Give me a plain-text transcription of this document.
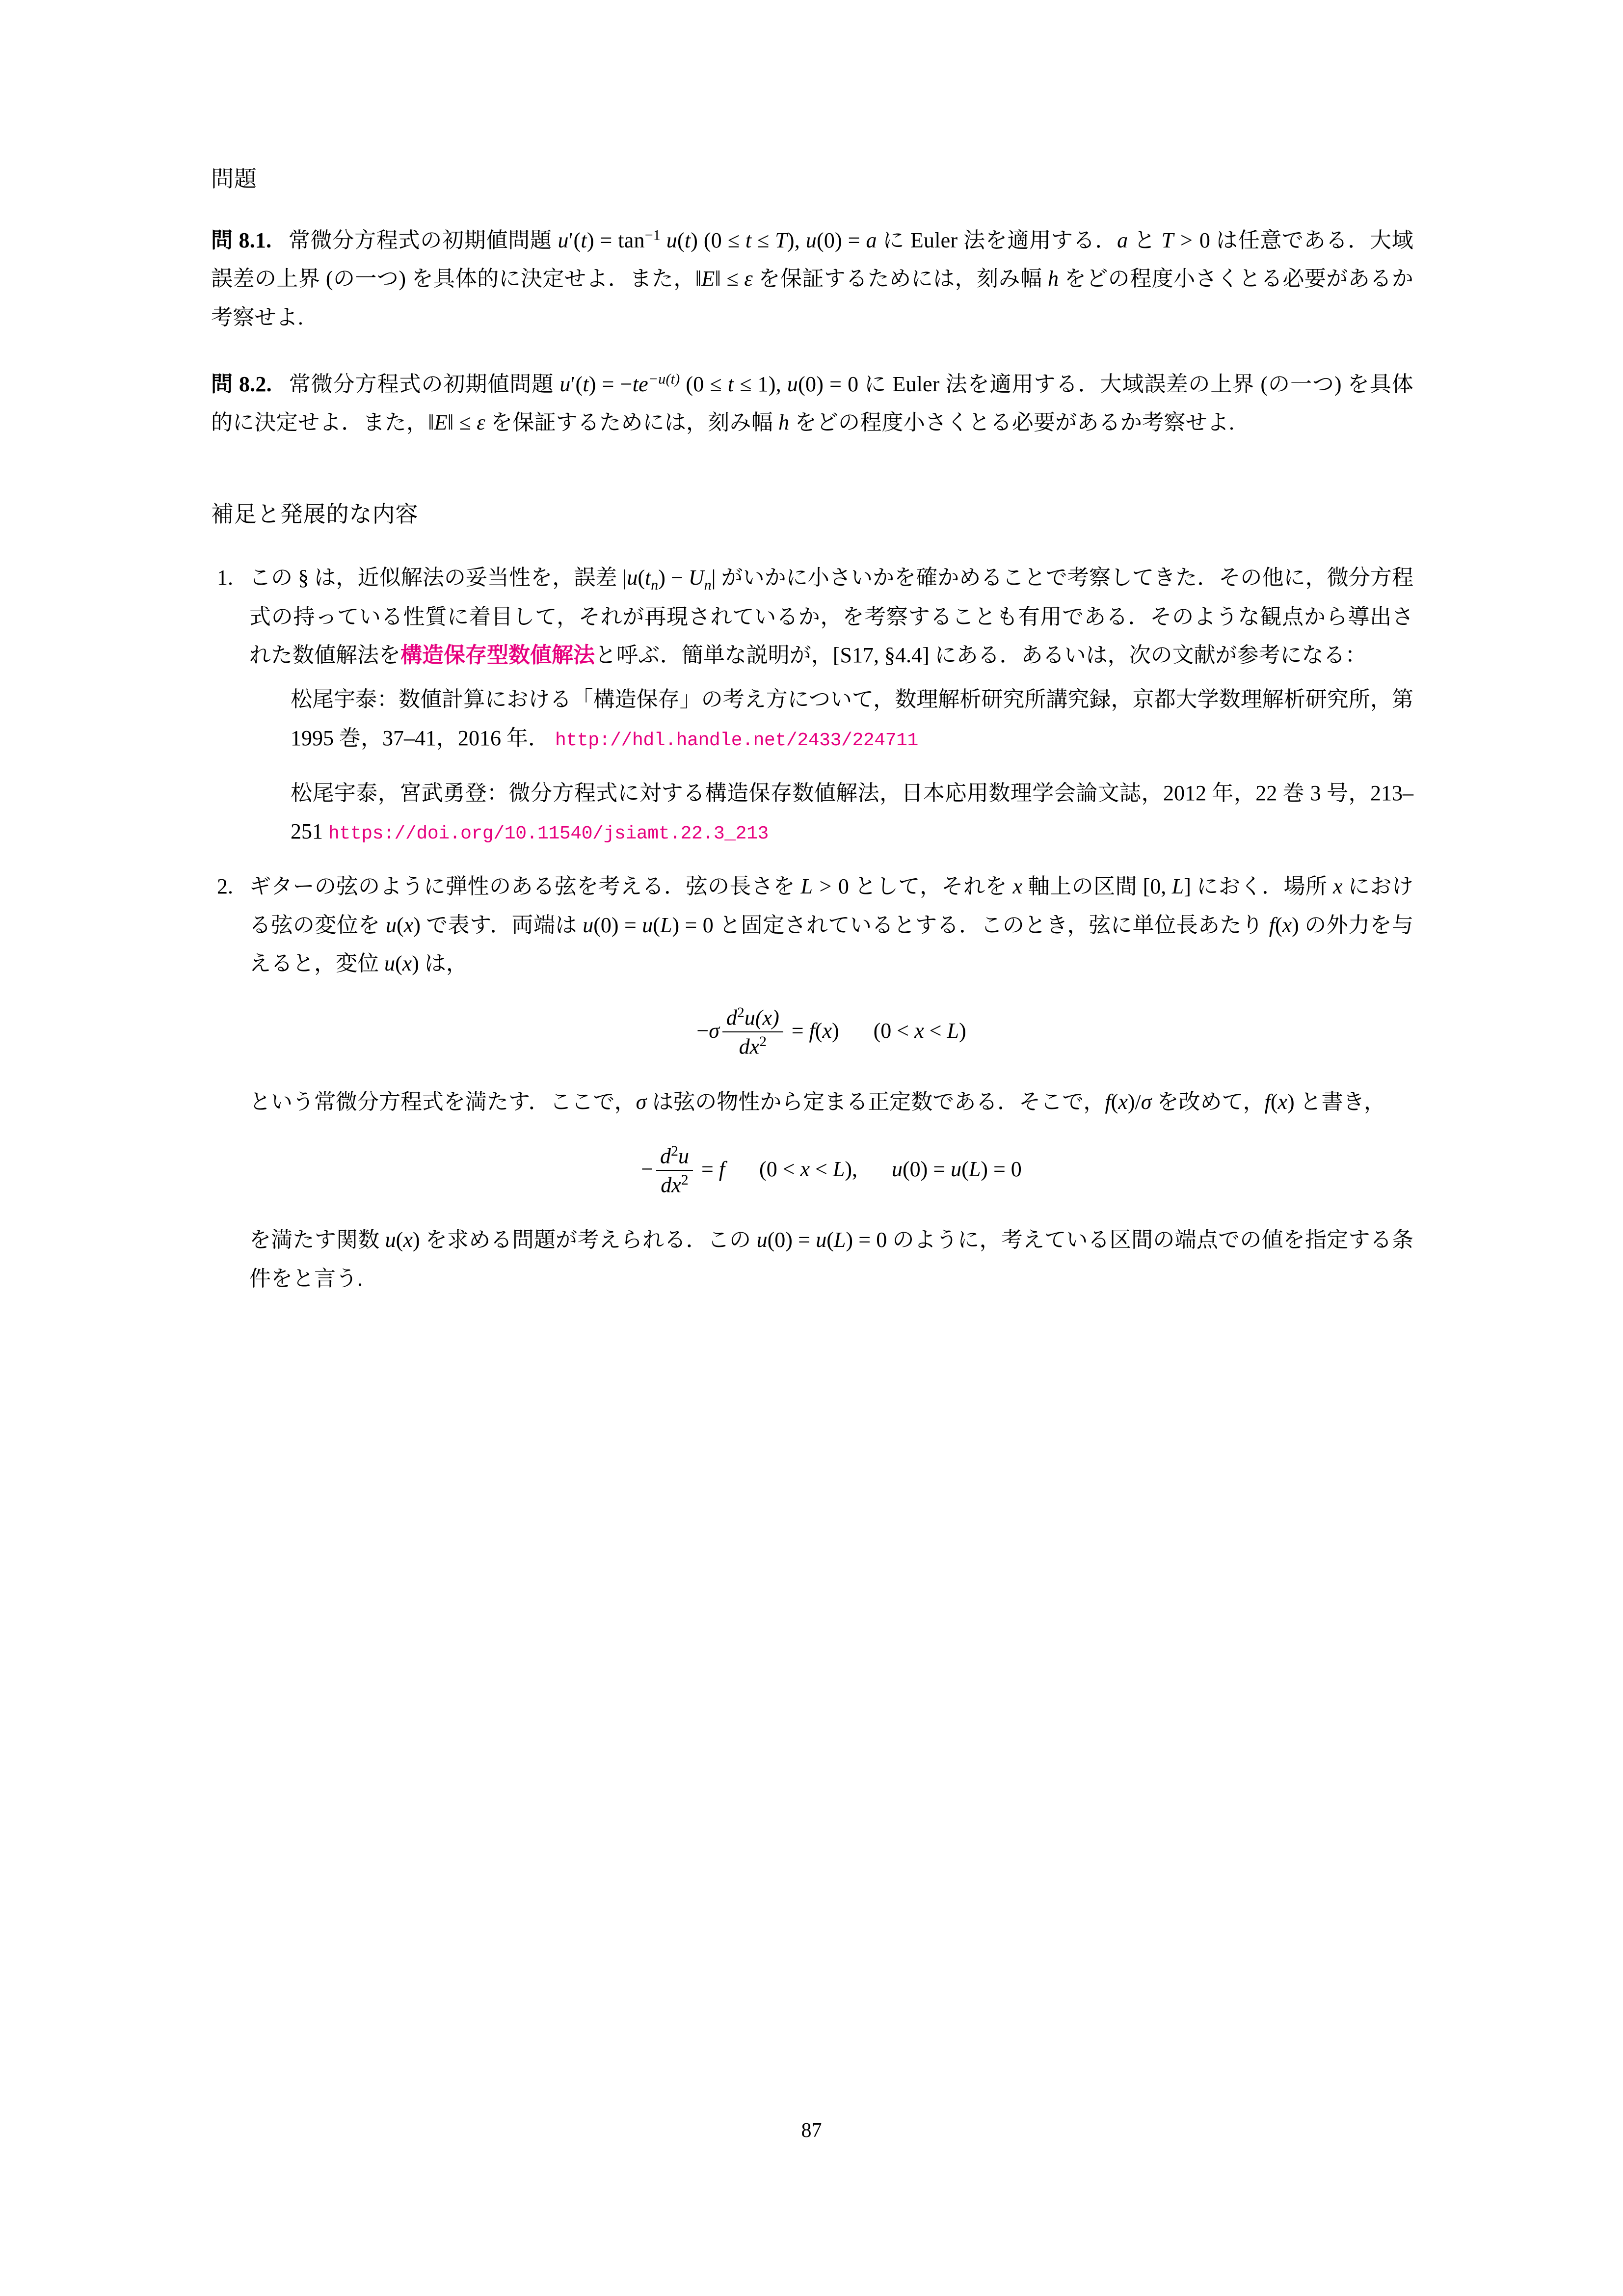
問題

問 8.1. 常微分方程式の初期値問題 $u'(t) = \tan^{-1} u(t) (0 \le t \le T)$, u(0) = a に Euler 法を適用する．a と T > 0 は任意である．大域誤差の上界 (の一つ) を具体的に決定せよ．また，‖E‖ ≤ ε を保証するためには，刻み幅 h をどの程度小さくとる必要があるか考察せよ.

問 8.2. 常微分方程式の初期値問題 $u'(t) = -te^{-u(t)}$ (0 ≤ t ≤ 1), u(0) = 0 に Euler 法を適用する．大域誤差の上界 (の一つ) を具体的に決定せよ．また，‖E‖ ≤ ε を保証するためには，刻み幅 h をどの程度小さくとる必要があるか考察せよ.

補足と発展的な内容

この § は，近似解法の妥当性を，誤差 $|u(t_n) - U_n|$ がいかに小さいかを確かめることで考察してきた．その他に，微分方程式の持っている性質に着目して，それが再現されているか，を考察することも有用である．そのような観点から導出された数値解法を構造保存型数値解法と呼ぶ．簡単な説明が，[S17, §4.4] にある．あるいは，次の文献が参考になる：

松尾宇泰：数値計算における「構造保存」の考え方について，数理解析研究所講究録，京都大学数理解析研究所，第 1995 巻，37–41，2016 年． http://hdl.handle.net/2433/224711

松尾宇泰，宮武勇登：微分方程式に対する構造保存数値解法，日本応用数理学会論文誌，2012 年，22 巻 3 号，213–251 https://doi.org/10.11540/jsiamt.22.3_213

ギターの弦のように弾性のある弦を考える．弦の長さを L > 0 として，それを x 軸上の区間 [0, L] におく．場所 x における弦の変位を u(x) で表す．両端は u(0) = u(L) = 0 と固定されているとする．このとき，弦に単位長あたり f(x) の外力を与えると，変位 u(x) は，

$-\sigma \frac{d^2u(x)}{dx^2} = f(x) (0 < x < L)$

という常微分方程式を満たす．ここで，σ は弦の物性から定まる正定数である．そこで，f(x)/σ を改めて，f(x) と書き，

− $\frac{d^2u}{dx^2} = f$ (0 < x < L), u(0) = u(L) = 0

を満たす関数 u(x) を求める問題が考えられる．この u(0) = u(L) = 0 のように，考えている区間の端点での値を指定する条件をと言う.

87
